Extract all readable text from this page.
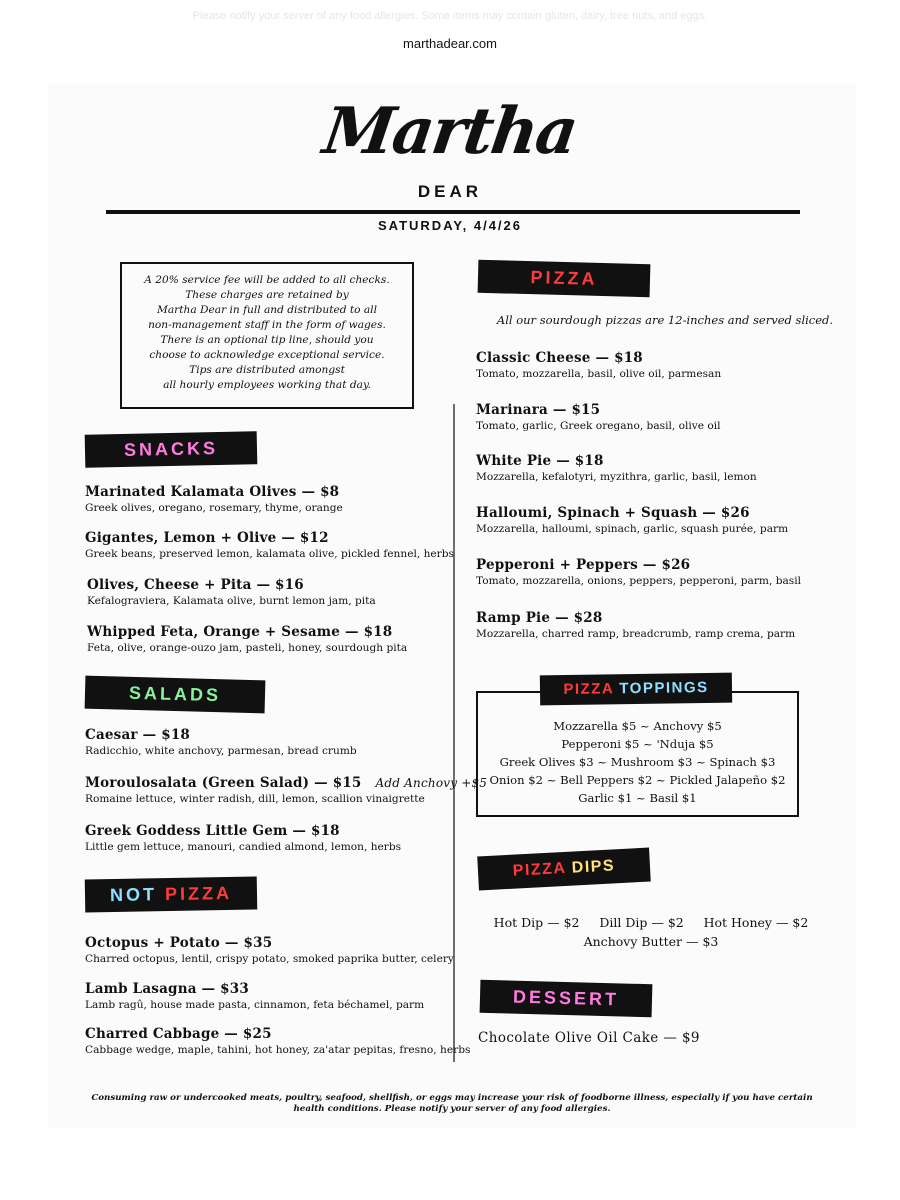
Please notify your server of any food allergies. Some items may contain gluten, dairy, tree nuts, and eggs.
marthadear.com
Martha
DEAR
SATURDAY, 4/4/26
A 20% service fee will be added to all checks.
These charges are retained by
Martha Dear in full and distributed to all
non-management staff in the form of wages.
There is an optional tip line, should you
choose to acknowledge exceptional service.
Tips are distributed amongst
all hourly employees working that day.
SNACKS
Marinated Kalamata Olives — $8
Greek olives, oregano, rosemary, thyme, orange
Gigantes, Lemon + Olive — $12
Greek beans, preserved lemon, kalamata olive, pickled fennel, herbs
Olives, Cheese + Pita — $16
Kefalograviera, Kalamata olive, burnt lemon jam, pita
Whipped Feta, Orange + Sesame — $18
Feta, olive, orange-ouzo jam, pasteli, honey, sourdough pita
SALADS
Caesar — $18
Radicchio, white anchovy, parmesan, bread crumb
Moroulosalata (Green Salad) — $15 Add Anchovy +$5
Romaine lettuce, winter radish, dill, lemon, scallion vinaigrette
Greek Goddess Little Gem — $18
Little gem lettuce, manouri, candied almond, lemon, herbs
NOT PIZZA
Octopus + Potato — $35
Charred octopus, lentil, crispy potato, smoked paprika butter, celery
Lamb Lasagna — $33
Lamb ragû, house made pasta, cinnamon, feta béchamel, parm
Charred Cabbage — $25
Cabbage wedge, maple, tahini, hot honey, za'atar pepitas, fresno, herbs
PIZZA
All our sourdough pizzas are 12-inches and served sliced.
Classic Cheese — $18
Tomato, mozzarella, basil, olive oil, parmesan
Marinara — $15
Tomato, garlic, Greek oregano, basil, olive oil
White Pie — $18
Mozzarella, kefalotyri, myzithra, garlic, basil, lemon
Halloumi, Spinach + Squash — $26
Mozzarella, halloumi, spinach, garlic, squash purée, parm
Pepperoni + Peppers — $26
Tomato, mozzarella, onions, peppers, pepperoni, parm, basil
Ramp Pie — $28
Mozzarella, charred ramp, breadcrumb, ramp crema, parm
Mozzarella $5 ~ Anchovy $5
Pepperoni $5 ~ 'Nduja $5
Greek Olives $3 ~ Mushroom $3 ~ Spinach $3
Onion $2 ~ Bell Peppers $2 ~ Pickled Jalapeño $2
Garlic $1 ~ Basil $1
PIZZA TOPPINGS
PIZZA DIPS
Hot Dip — $2 Dill Dip — $2 Hot Honey — $2
Anchovy Butter — $3
DESSERT
Chocolate Olive Oil Cake — $9
Consuming raw or undercooked meats, poultry, seafood, shellfish, or eggs may increase your risk of foodborne illness, especially if you have certain health conditions. Please notify your server of any food allergies.
